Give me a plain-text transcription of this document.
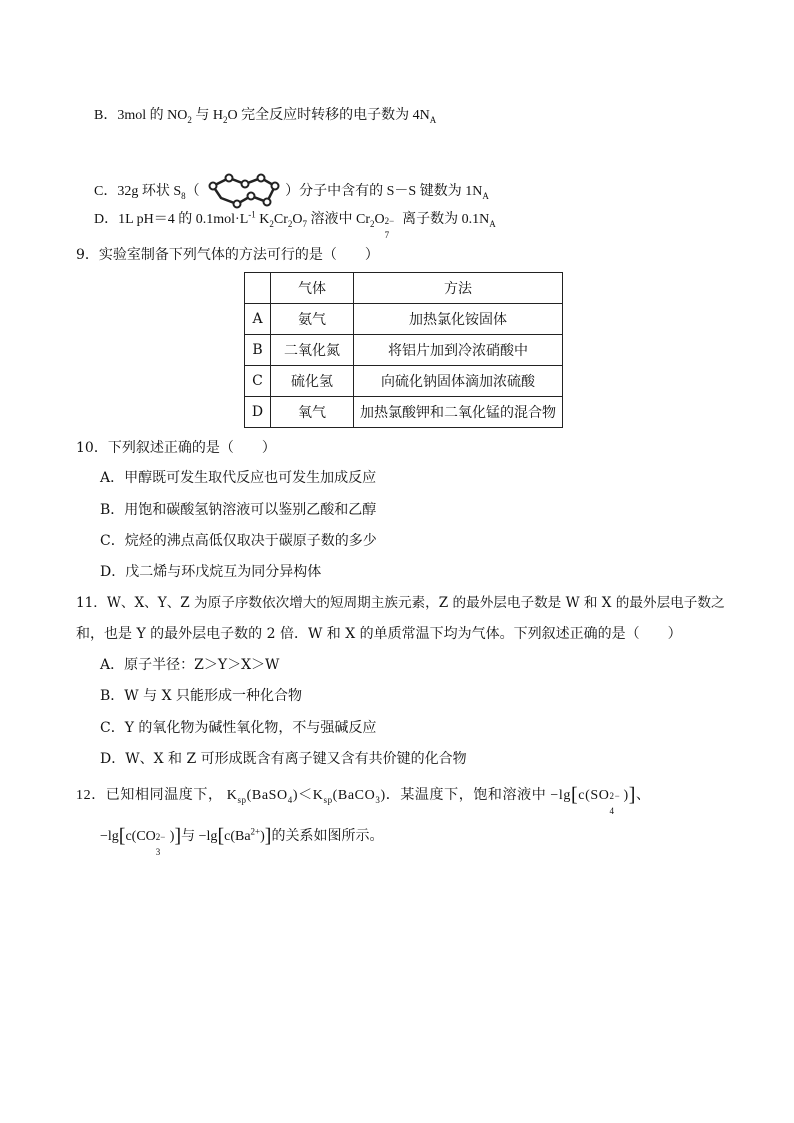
B．3mol 的 $NO_2$ 与 $H_2O$ 完全反应时转移的电子数为 $4N_A$
C．32g 环状 $S_8$（	）分子中含有的 S－S 键数为 $1N_A$
D．1L pH＝4 的 $0.1mol\cdot L^{-1}$ $K_2Cr_2O_7$ 溶液中 $Cr_2O$ 2−
7
离子数为 $0.1N_A$
9．实验室制备下列气体的方法可行的是（　　）
	气体	方法
A	氨气	加热氯化铵固体
B	二氧化氮	将铝片加到冷浓硝酸中
C	硫化氢	向硫化钠固体滴加浓硫酸
D	氧气	加热氯酸钾和二氧化锰的混合物
10．下列叙述正确的是（　　）
A．甲醇既可发生取代反应也可发生加成反应
B．用饱和碳酸氢钠溶液可以鉴别乙酸和乙醇
C．烷烃的沸点高低仅取决于碳原子数的多少
D．戊二烯与环戊烷互为同分异构体
11．W、X、Y、Z 为原子序数依次增大的短周期主族元素，Z 的最外层电子数是 W 和 X 的最外层电子数之
和，也是 Y 的最外层电子数的 2 倍．W 和 X 的单质常温下均为气体。下列叙述正确的是（　　）
A．原子半径：Z＞Y＞X＞W
B．W 与 X 只能形成一种化合物
C．Y 的氧化物为碱性氧化物，不与强碱反应
D．W、X 和 Z 可形成既含有离子键又含有共价键的化合物
12．已知相同温度下， $K_{sp}(BaSO_4)<K_{sp}(BaCO_3)$．某温度下，饱和溶液中 −lg[c(SO 2−
4
)]、
−lg[c(CO 2−
3
)]与 $-\lg[c(Ba^{2+})]$的关系如图所示。
